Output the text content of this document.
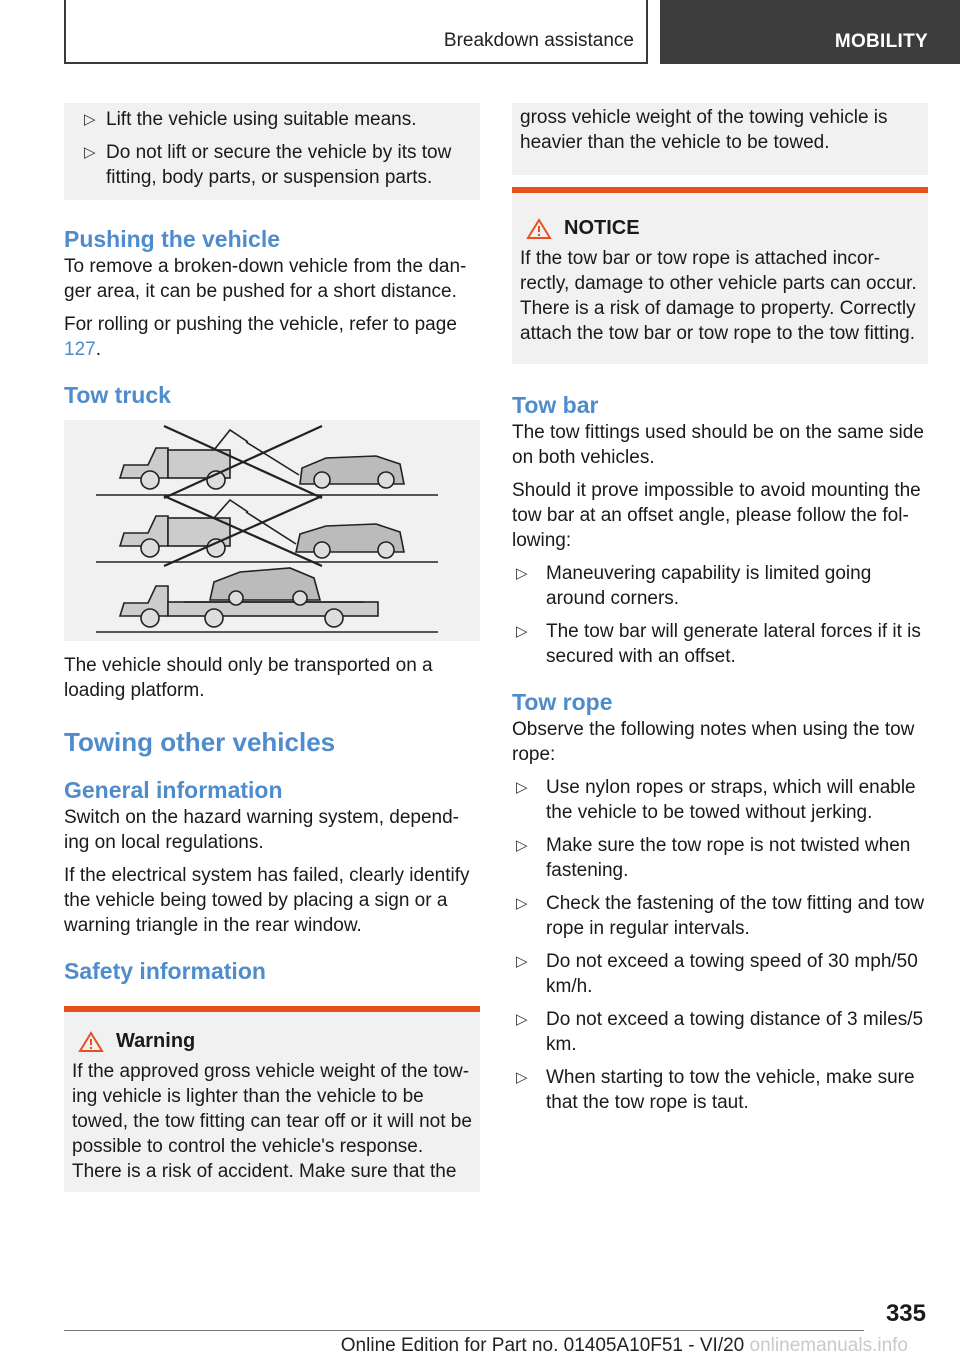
Breakdown assistance	MOBILITY
▷ Lift the vehicle using suitable means.
▷ Do not lift or secure the vehicle by its tow fitting, body parts, or suspension parts.
Pushing the vehicle

To remove a broken-down vehicle from the dan- ger area, it can be pushed for a short distance.

For rolling or pushing the vehicle, refer to page 127.

Tow truck

The vehicle should only be transported on a loading platform.

Towing other vehicles
General information

Switch on the hazard warning system, depend- ing on local regulations.

If the electrical system has failed, clearly identify the vehicle being towed by placing a sign or a warning triangle in the rear window.

Safety information
Warning

If the approved gross vehicle weight of the tow- ing vehicle is lighter than the vehicle to be towed, the tow fitting can tear off or it will not be possible to control the vehicle's response. There is a risk of accident. Make sure that the

gross vehicle weight of the towing vehicle is heavier than the vehicle to be towed.

NOTICE

If the tow bar or tow rope is attached incor- rectly, damage to other vehicle parts can occur. There is a risk of damage to property. Correctly attach the tow bar or tow rope to the tow fitting.

Tow bar

The tow fittings used should be on the same side on both vehicles.

Should it prove impossible to avoid mounting the tow bar at an offset angle, please follow the fol- lowing:

▷ Maneuvering capability is limited going around corners.
▷ The tow bar will generate lateral forces if it is secured with an offset.
Tow rope

Observe the following notes when using the tow rope:

▷ Use nylon ropes or straps, which will enable the vehicle to be towed without jerking.
▷ Make sure the tow rope is not twisted when fastening.
▷ Check the fastening of the tow fitting and tow rope in regular intervals.
▷ Do not exceed a towing speed of 30 mph/50 km/h.
▷ Do not exceed a towing distance of 3 miles/5 km.
▷ When starting to tow the vehicle, make sure that the tow rope is taut.
335
Online Edition for Part no. 01405A10F51 - VI/20 onlinemanuals.info
